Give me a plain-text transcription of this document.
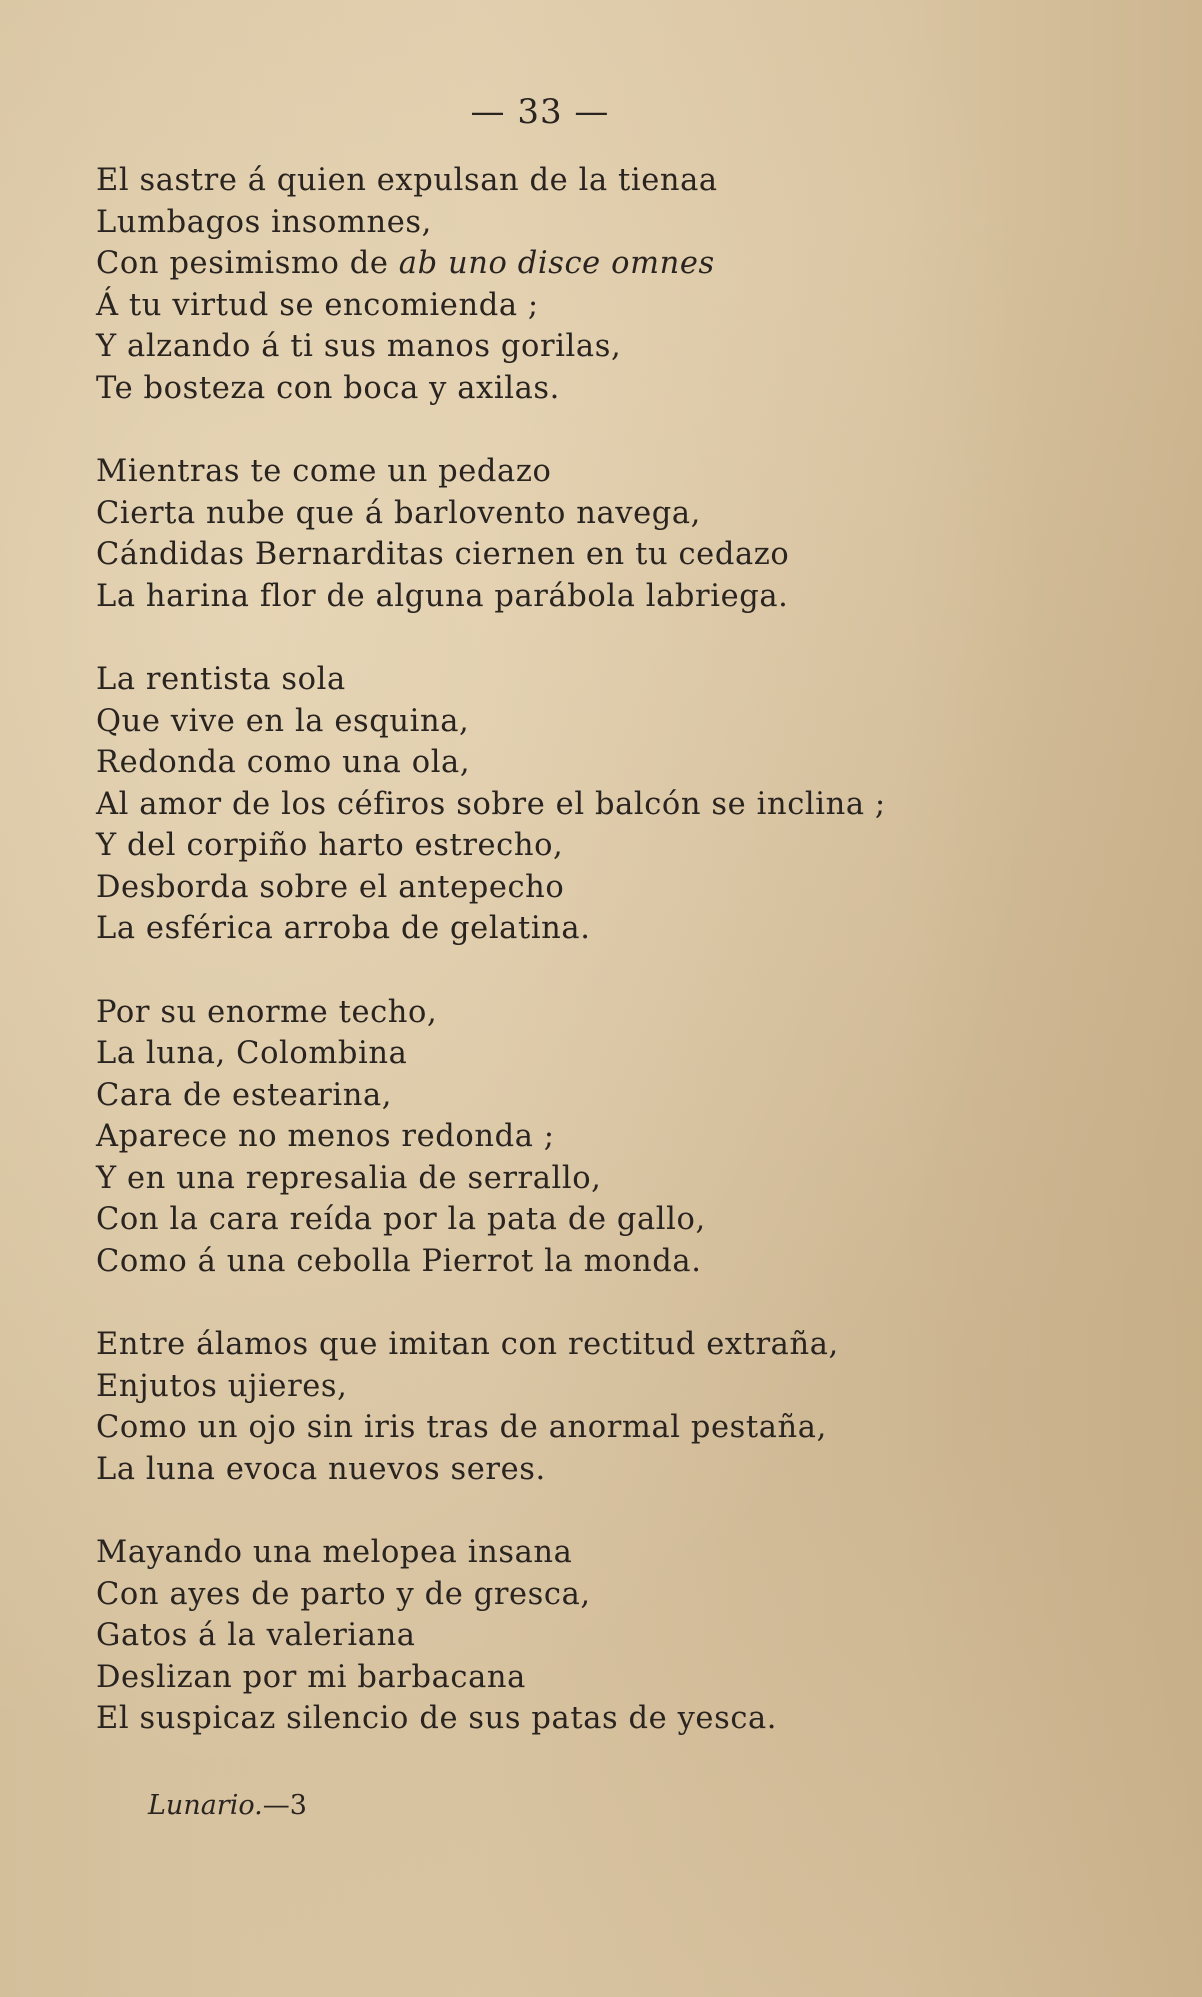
— 33 —
El sastre á quien expulsan de la tienaa
Lumbagos insomnes,
Con pesimismo de ab uno disce omnes
Á tu virtud se encomienda ;
Y alzando á ti sus manos gorilas,
Te bosteza con boca y axilas.
Mientras te come un pedazo
Cierta nube que á barlovento navega,
Cándidas Bernarditas ciernen en tu cedazo
La harina flor de alguna parábola labriega.
La rentista sola
Que vive en la esquina,
Redonda como una ola,
Al amor de los céfiros sobre el balcón se inclina ;
Y del corpiño harto estrecho,
Desborda sobre el antepecho
La esférica arroba de gelatina.
Por su enorme techo,
La luna, Colombina
Cara de estearina,
Aparece no menos redonda ;
Y en una represalia de serrallo,
Con la cara reída por la pata de gallo,
Como á una cebolla Pierrot la monda.
Entre álamos que imitan con rectitud extraña,
Enjutos ujieres,
Como un ojo sin iris tras de anormal pestaña,
La luna evoca nuevos seres.
Mayando una melopea insana
Con ayes de parto y de gresca,
Gatos á la valeriana
Deslizan por mi barbacana
El suspicaz silencio de sus patas de yesca.
Lunario.—3
